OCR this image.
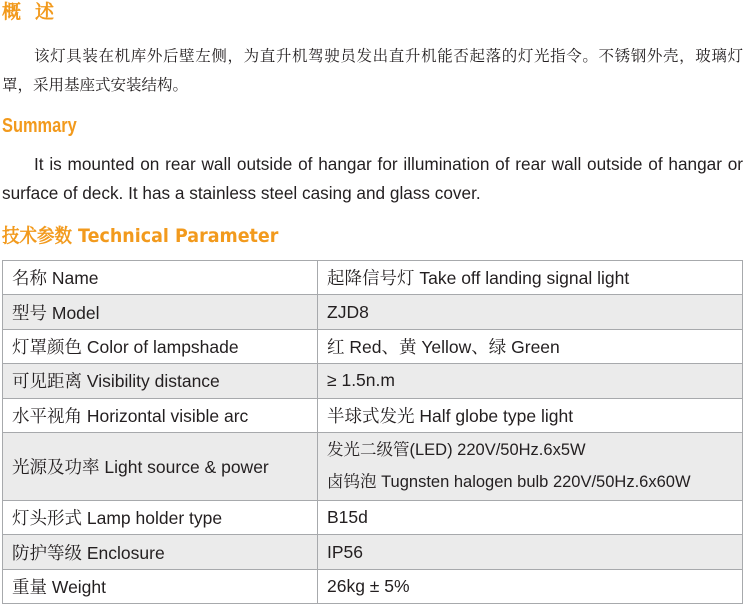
概述

该灯具装在机库外后壁左侧，为直升机驾驶员发出直升机能否起落的灯光指令。不锈钢外壳，玻璃灯罩，采用基座式安装结构。

Summary

It is mounted on rear wall outside of hangar for illumination of rear wall outside of hangar or surface of deck. It has a stainless steel casing and glass cover.

技术参数 Technical Parameter
名称 Name	起降信号灯 Take off landing signal light
型号 Model	ZJD8
灯罩颜色 Color of lampshade	红 Red、黄 Yellow、绿 Green
可见距离 Visibility distance	≥ 1.5n.m
水平视角 Horizontal visible arc	半球式发光 Half globe type light
光源及功率 Light source & power	发光二级管(LED) 220V/50Hz.6x5W
卤钨泡 Tugnsten halogen bulb 220V/50Hz.6x60W

灯头形式 Lamp holder type	B15d
防护等级 Enclosure	IP56
重量 Weight	26kg ± 5%
